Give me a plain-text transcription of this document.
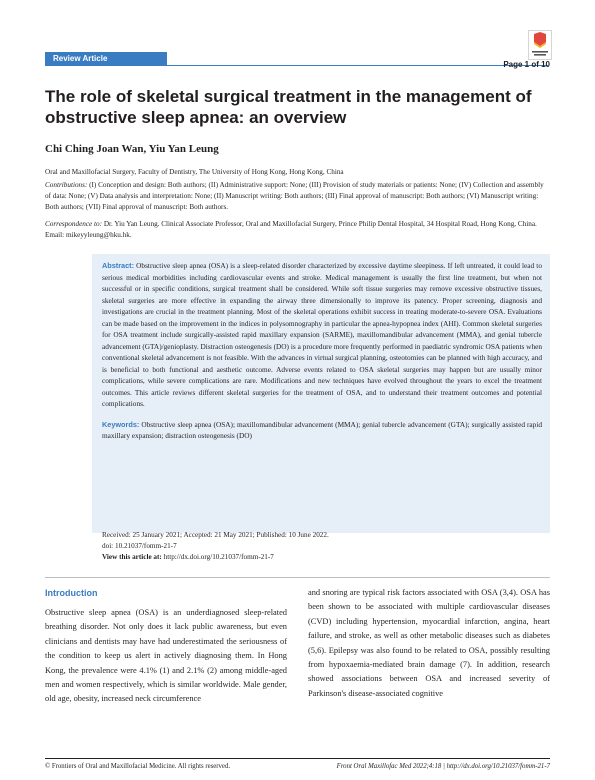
Review Article

Page 1 of 10

The role of skeletal surgical treatment in the management of obstructive sleep apnea: an overview

Chi Ching Joan Wan, Yiu Yan Leung

Oral and Maxillofacial Surgery, Faculty of Dentistry, The University of Hong Kong, Hong Kong, China

Contributions: (I) Conception and design: Both authors; (II) Administrative support: None; (III) Provision of study materials or patients: None; (IV) Collection and assembly of data: None; (V) Data analysis and interpretation: None; (II) Manuscript writing: Both authors; (III) Final approval of manuscript: Both authors; (VI) Manuscript writing: Both authors; (VII) Final approval of manuscript: Both authors.

Correspondence to: Dr. Yiu Yan Leung. Clinical Associate Professor, Oral and Maxillofacial Surgery, Prince Philip Dental Hospital, 34 Hospital Road, Hong Kong, China. Email: mikeyyleung@hku.hk.

Abstract: Obstructive sleep apnea (OSA) is a sleep-related disorder characterized by excessive daytime sleepiness. If left untreated, it could lead to serious medical morbidities including cardiovascular events and stroke. Medical management is usually the first line treatment, but when not successful or in specific conditions, surgical treatment shall be considered. While soft tissue surgeries may remove excessive obstructive tissues, skeletal surgeries are more effective in expanding the airway three dimensionally to improve its patency. Proper screening, diagnosis and investigations are crucial in the treatment planning. Most of the skeletal operations exhibit success in treating moderate-to-severe OSA. Evaluations can be made based on the improvement in the indices in polysomnography in particular the apnea-hypopnea index (AHI). Common skeletal surgeries for OSA treatment include surgically-assisted rapid maxillary expansion (SARME), maxillomandibular advancement (MMA), and genial tubercle advancement (GTA)/genioplasty. Distraction osteogenesis (DO) is a procedure more frequently performed in paediatric syndromic OSA patients when conventional skeletal advancement is not feasible. With the advances in virtual surgical planning, osteotomies can be planned with high accuracy, and is beneficial to both functional and aesthetic outcome. Adverse events related to OSA skeletal surgeries may happen but are usually minor complications, while severe complications are rare. Modifications and new techniques have evolved throughout the years to excel the treatment outcomes. This article reviews different skeletal surgeries for the treatment of OSA, and to understand their treatment outcomes and potential complications.

Keywords: Obstructive sleep apnea (OSA); maxillomandibular advancement (MMA); genial tubercle advancement (GTA); surgically assisted rapid maxillary expansion; distraction osteogenesis (DO)

Received: 25 January 2021; Accepted: 21 May 2021; Published: 10 June 2022.

doi: 10.21037/fomm-21-7

View this article at: http://dx.doi.org/10.21037/fomm-21-7

Introduction

Obstructive sleep apnea (OSA) is an underdiagnosed sleep-related breathing disorder. Not only does it lack public awareness, but even clinicians and dentists may have had underestimated the seriousness of the condition to keep us alert in actively diagnosing them. In Hong Kong, the prevalence were 4.1% (1) and 2.1% (2) among middle-aged men and women respectively, which is similar worldwide. Male gender, old age, obesity, increased neck circumference

and snoring are typical risk factors associated with OSA (3,4). OSA has been shown to be associated with multiple cardiovascular diseases (CVD) including hypertension, myocardial infarction, angina, heart failure, and stroke, as well as other metabolic diseases such as diabetes (5,6). Epilepsy was also found to be related to OSA, possibly resulting from hypoxaemia-mediated brain damage (7). In addition, research showed associations between OSA and increased severity of Parkinson's disease-associated cognitive

© Frontiers of Oral and Maxillofacial Medicine. All rights reserved.	Front Oral Maxillofac Med 2022;4:18 | http://dx.doi.org/10.21037/fomm-21-7
